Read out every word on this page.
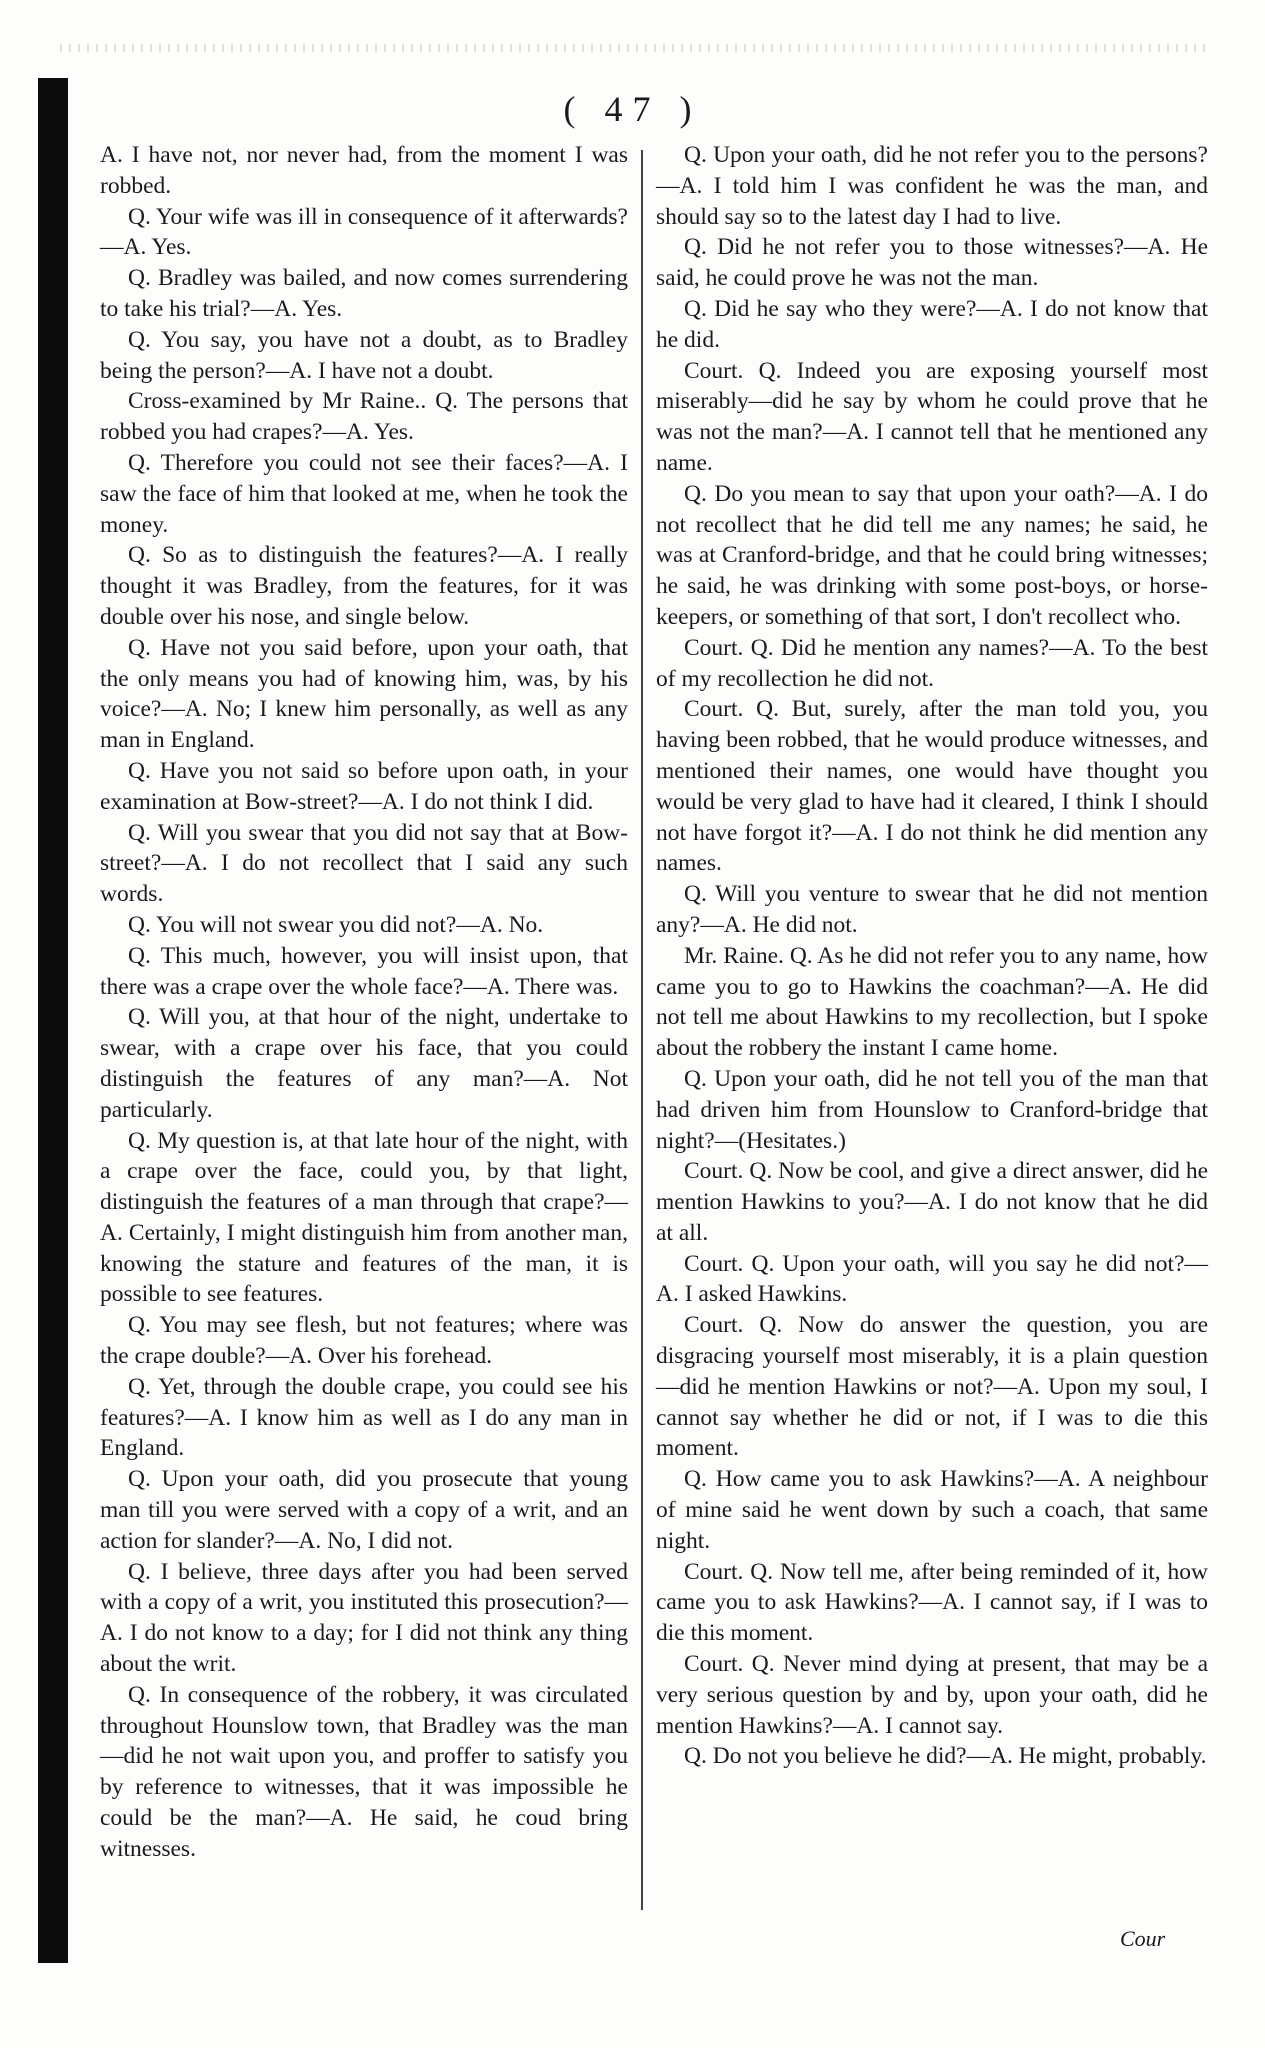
( 47 )

A. I have not, nor never had, from the moment I was robbed.

Q. Your wife was ill in consequence of it afterwards?—A. Yes.

Q. Bradley was bailed, and now comes surrendering to take his trial?—A. Yes.

Q. You say, you have not a doubt, as to Bradley being the person?—A. I have not a doubt.

Cross-examined by Mr Raine.. Q. The persons that robbed you had crapes?—A. Yes.

Q. Therefore you could not see their faces?—A. I saw the face of him that looked at me, when he took the money.

Q. So as to distinguish the features?—A. I really thought it was Bradley, from the features, for it was double over his nose, and single below.

Q. Have not you said before, upon your oath, that the only means you had of knowing him, was, by his voice?—A. No; I knew him personally, as well as any man in England.

Q. Have you not said so before upon oath, in your examination at Bow-street?—A. I do not think I did.

Q. Will you swear that you did not say that at Bow-street?—A. I do not recollect that I said any such words.

Q. You will not swear you did not?—A. No.

Q. This much, however, you will insist upon, that there was a crape over the whole face?—A. There was.

Q. Will you, at that hour of the night, undertake to swear, with a crape over his face, that you could distinguish the features of any man?—A. Not particularly.

Q. My question is, at that late hour of the night, with a crape over the face, could you, by that light, distinguish the features of a man through that crape?—A. Certainly, I might distinguish him from another man, knowing the stature and features of the man, it is possible to see features.

Q. You may see flesh, but not features; where was the crape double?—A. Over his forehead.

Q. Yet, through the double crape, you could see his features?—A. I know him as well as I do any man in England.

Q. Upon your oath, did you prosecute that young man till you were served with a copy of a writ, and an action for slander?—A. No, I did not.

Q. I believe, three days after you had been served with a copy of a writ, you instituted this prosecution?—A. I do not know to a day; for I did not think any thing about the writ.

Q. In consequence of the robbery, it was circulated throughout Hounslow town, that Bradley was the man—did he not wait upon you, and proffer to satisfy you by reference to witnesses, that it was impossible he could be the man?—A. He said, he coud bring witnesses.

Q. Upon your oath, did he not refer you to the persons?—A. I told him I was confident he was the man, and should say so to the latest day I had to live.

Q. Did he not refer you to those witnesses?—A. He said, he could prove he was not the man.

Q. Did he say who they were?—A. I do not know that he did.

Court. Q. Indeed you are exposing yourself most miserably—did he say by whom he could prove that he was not the man?—A. I cannot tell that he mentioned any name.

Q. Do you mean to say that upon your oath?—A. I do not recollect that he did tell me any names; he said, he was at Cranford-bridge, and that he could bring witnesses; he said, he was drinking with some post-boys, or horse-keepers, or something of that sort, I don't recollect who.

Court. Q. Did he mention any names?—A. To the best of my recollection he did not.

Court. Q. But, surely, after the man told you, you having been robbed, that he would produce witnesses, and mentioned their names, one would have thought you would be very glad to have had it cleared, I think I should not have forgot it?—A. I do not think he did mention any names.

Q. Will you venture to swear that he did not mention any?—A. He did not.

Mr. Raine. Q. As he did not refer you to any name, how came you to go to Hawkins the coachman?—A. He did not tell me about Hawkins to my recollection, but I spoke about the robbery the instant I came home.

Q. Upon your oath, did he not tell you of the man that had driven him from Hounslow to Cranford-bridge that night?—(Hesitates.)

Court. Q. Now be cool, and give a direct answer, did he mention Hawkins to you?—A. I do not know that he did at all.

Court. Q. Upon your oath, will you say he did not?—A. I asked Hawkins.

Court. Q. Now do answer the question, you are disgracing yourself most miserably, it is a plain question—did he mention Hawkins or not?—A. Upon my soul, I cannot say whether he did or not, if I was to die this moment.

Q. How came you to ask Hawkins?—A. A neighbour of mine said he went down by such a coach, that same night.

Court. Q. Now tell me, after being reminded of it, how came you to ask Hawkins?—A. I cannot say, if I was to die this moment.

Court. Q. Never mind dying at present, that may be a very serious question by and by, upon your oath, did he mention Hawkins?—A. I cannot say.

Q. Do not you believe he did?—A. He might, probably.

Cour
